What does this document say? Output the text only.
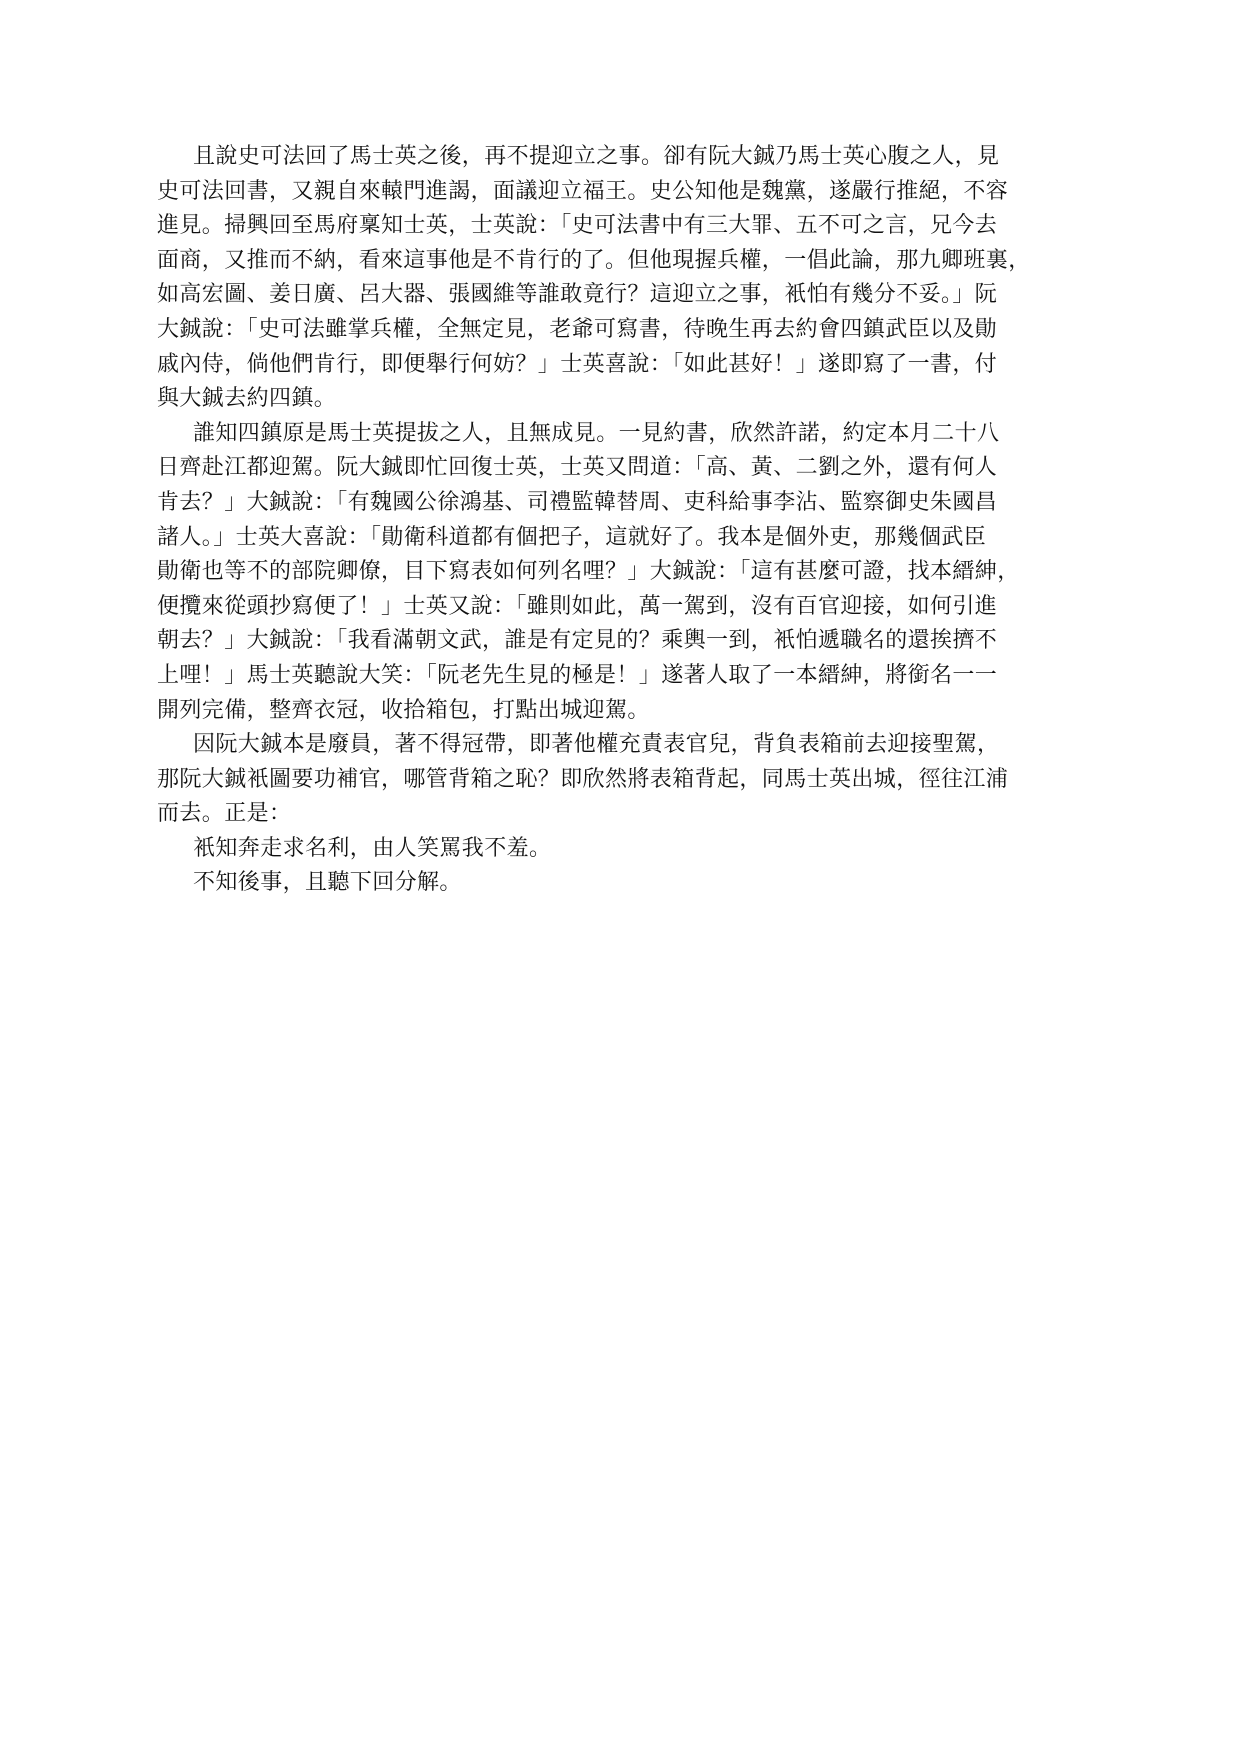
且說史可法回了馬士英之後，再不提迎立之事。卻有阮大鋮乃馬士英心腹之人，見
史可法回書，又親自來轅門進謁，面議迎立福王。史公知他是魏黨，遂嚴行推絕，不容
進見。掃興回至馬府稟知士英，士英說：「史可法書中有三大罪、五不可之言，兄今去
面商，又推而不納，看來這事他是不肯行的了。但他現握兵權，一倡此論，那九卿班裏，
如高宏圖、姜日廣、呂大器、張國維等誰敢竟行？這迎立之事，衹怕有幾分不妥。」阮
大鋮說：「史可法雖掌兵權，全無定見，老爺可寫書，待晚生再去約會四鎮武臣以及勛
戚內侍，倘他們肯行，即便舉行何妨？」士英喜說：「如此甚好！」遂即寫了一書，付
與大鋮去約四鎮。
誰知四鎮原是馬士英提拔之人，且無成見。一見約書，欣然許諾，約定本月二十八
日齊赴江都迎駕。阮大鋮即忙回復士英，士英又問道：「高、黃、二劉之外，還有何人
肯去？」大鋮說：「有魏國公徐鴻基、司禮監韓替周、吏科給事李沾、監察御史朱國昌
諸人。」士英大喜說：「勛衛科道都有個把子，這就好了。我本是個外吏，那幾個武臣
勛衛也等不的部院卿僚，目下寫表如何列名哩？」大鋮說：「這有甚麼可證，找本縉紳，
便攬來從頭抄寫便了！」士英又說：「雖則如此，萬一駕到，沒有百官迎接，如何引進
朝去？」大鋮說：「我看滿朝文武，誰是有定見的？乘輿一到，衹怕遞職名的還挨擠不
上哩！」馬士英聽說大笑：「阮老先生見的極是！」遂著人取了一本縉紳，將銜名一一
開列完備，整齊衣冠，收拾箱包，打點出城迎駕。
因阮大鋮本是廢員，著不得冠帶，即著他權充責表官兒，背負表箱前去迎接聖駕，
那阮大鋮衹圖要功補官，哪管背箱之恥？即欣然將表箱背起，同馬士英出城，徑往江浦
而去。正是：

衹知奔走求名利，由人笑罵我不羞。

不知後事，且聽下回分解。
